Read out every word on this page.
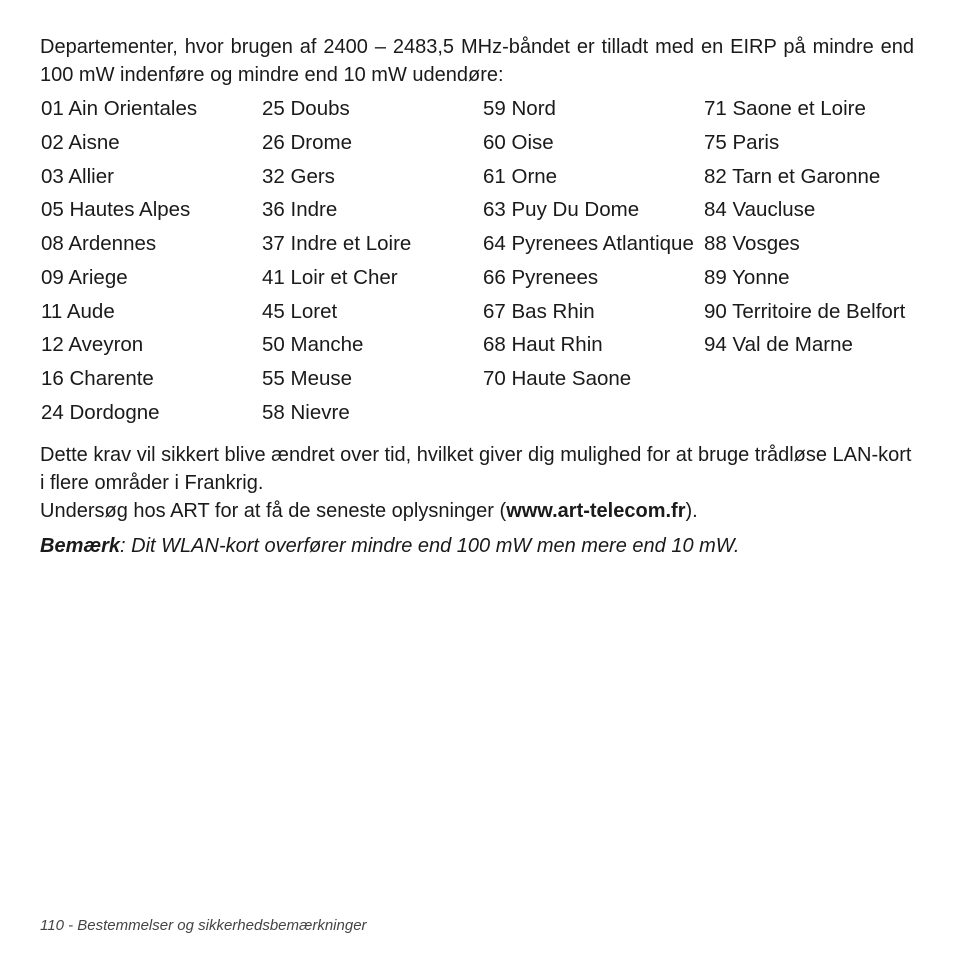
Departementer, hvor brugen af 2400 – 2483,5 MHz-båndet er tilladt med en EIRP på mindre end 100 mW indenføre og mindre end 10 mW udendøre:

01 Ain Orientales
02 Aisne
03 Allier
05 Hautes Alpes
08 Ardennes
09 Ariege
11 Aude
12 Aveyron
16 Charente
24 Dordogne
25 Doubs
26 Drome
32 Gers
36 Indre
37 Indre et Loire
41 Loir et Cher
45 Loret
50 Manche
55 Meuse
58 Nievre
59 Nord
60 Oise
61 Orne
63 Puy Du Dome
64 Pyrenees Atlantique
66 Pyrenees
67 Bas Rhin
68 Haut Rhin
70 Haute Saone
71 Saone et Loire
75 Paris
82 Tarn et Garonne
84 Vaucluse
88 Vosges
89 Yonne
90 Territoire de Belfort
94 Val de Marne

Dette krav vil sikkert blive ændret over tid, hvilket giver dig mulighed for at bruge trådløse LAN-kort i flere områder i Frankrig.

Undersøg hos ART for at få de seneste oplysninger (www.art-telecom.fr).

Bemærk: Dit WLAN-kort overfører mindre end 100 mW men mere end 10 mW.

110 - Bestemmelser og sikkerhedsbemærkninger
